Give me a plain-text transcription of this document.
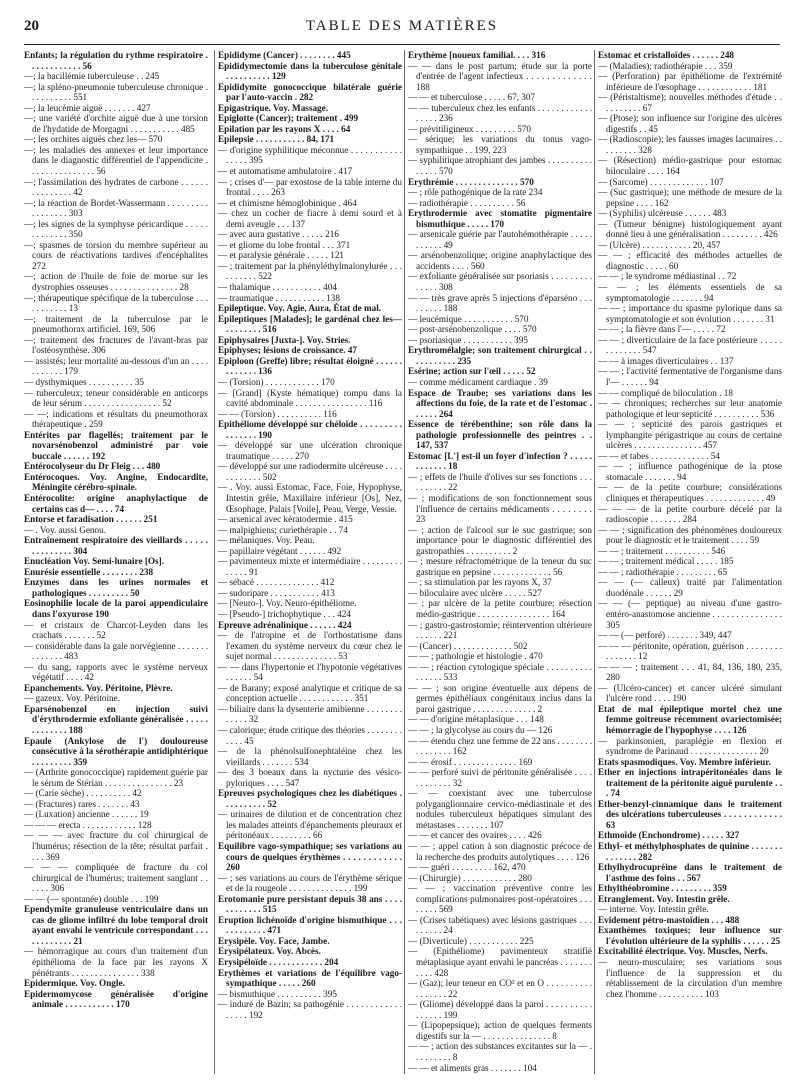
20	TABLE DES MATIÈRES

Enfants; la régulation du rythme respiratoire . . . . . . . . . . . . 56

—; la bacillémie tuberculeuse . . 245

—; la spléno-pneumonie tuberculeuse chronique . . . . . . . . . . 551

—; la leucémie aiguë . . . . . . . 427

—; une variété d'orchite aiguë due à une torsion de l'hydatide de Morgagni . . . . . . . . . . . 485

—; les orchites aiguës chez les— 570

—; les maladies des annexes et leur importance dans le diagnostic différentiel de l'appendicite . . . . . . . . . . . . . . . 56

—; l'assimilation des hydrates de carbone . . . . . . . . . . . . . . . 42

—; la réaction de Bordet-Wassermann . . . . . . . . . . . . . . . . . 303

—; les signes de la symphyse péricardique . . . . . . . . . . . . . 350

—; spasmes de torsion du membre supérieur au cours de réactivations tardives d'encéphalites 272

—; action de l'huile de foie de morue sur les dystrophies osseuses . . . . . . . . . . . . . . . 28

—; thérapeutique spécifique de la tuberculose . . . . . . . . . . . 13

—; traitement de la tuberculose par le pneumothorax artificiel. 169, 506

—; traitement des fractures de l'avant-bras par l'ostéosynthèse. 306

— assistés; leur mortalité au-dessous d'un an . . . . . . . . . . . 179

— dysthymiques . . . . . . . . . . 35

— tuberculeux; teneur considérable en anticorps de leur sérum . . . . . . . . . . . . . . . . . 52

— —; indications et résultats du pneumothorax thérapeutique . 259

Entérites par flagellés; traitement par le novarsénobenzol administré par voie buccale . . . . . . 192

Entérocolyseur du Dr Fleig . . . 480

Entérocoques. Voy. Angine, Endocardite, Méningite cérébro-spinale.

Entérocolite: origine anaphylactique de certains cas d— . . . . 74

Entorse et faradisation . . . . . . 251

— . Voy. aussi Genou.

Entraînement respiratoire des vieillards . . . . . . . . . . . . . . 304

Enucléation Voy. Semi-lunaire [Os].

Enurésie essentielle . . . . . . . . 238

Enzymes dans les urines normales et pathologiques . . . . . . . . . 50

Eosinophilie locale de la paroi appendiculaire dans l'oxyurose 190

— et cristaux de Charcot-Leyden dans les crachats . . . . . . . 52

— considérable dans la gale norvégienne . . . . . . . . . . . . . . 483

— du sang; rapports avec le système nerveux végétatif . . . . 42

Epanchements. Voy. Péritoine, Plèvre.

— gazeux. Voy. Péritoine.

Eparsénobenzol en injection suivi d'érythrodermie exfoliante généralisée . . . . . . . . . . . . . 188

Epaule (Ankylose de l') douloureuse consécutive à la sérothérapie antidiphtérique . . . . . . . . . 359

— (Arthrite gonococcique) rapidement guérie par le sérum de Stérian . . . . . . . . . . . . . . . 23

— (Carie sèche) . . . . . . . . . . 42

— (Fractures) rares . . . . . . . 43

— (Luxation) ancienne . . . . . . 19

— — — erecta . . . . . . . . . . . . 128

— — — avec fracture du col chirurgical de l'humérus; résection de la tête; résultat parfait . . . . 369

— — — compliquée de fracture du col chirurgical de l'humérus; traitement sanglant . . . . . . 306

— — (— spontanée) double . . . 199

Ependymite granuleuse ventriculaire dans un cas de gliome infiltré du lobe temporal droit ayant envahi le ventricule correspondant . . . . . . . . . . . . 21

— hémorragique au cours d'un traitement d'un épithélioma de la face par les rayons X pénétrants . . . . . . . . . . . . . . . 338

Epidermique. Voy. Ongle.

Epidermomycose généralisée d'origine animale . . . . . . . . . . . 170

Epididyme (Cancer) . . . . . . . . 445

Epididymectomie dans la tuberculose génitale . . . . . . . . . . 129

Epididymite gonococcique bilatérale guérie par l'auto-vaccin . 282

Epigastrique. Voy. Massage.

Epiglotte (Cancer); traitement . 499

Epilation par les rayons X . . . . 64

Epilepsie . . . . . . . . . . . 84, 171

— d'origine syphilitique méconnue . . . . . . . . . . . . . . . . 395

— et automatisme ambulatoire . 417

— ; crises d'— par exostose de la table interne du frontal . . . . 263

— et chimisme hémoglobinique . 464

— chez un cocher de fiacre à demi sourd et à demi aveugle . . . 137

— avec aura gustative . . . . . 216

— et gliome du lobe frontal . . . 371

— et paralysie générale . . . . . 121

— ; traitement par la phényléthylmalonylurée . . . . . . . . . . 522

— thalamique . . . . . . . . . . . 404

— traumatique . . . . . . . . . . . 138

Epileptique. Voy. Agie, Aura, État de mal.

Epileptiques [Malades]; le gardénal chez les— . . . . . . . . 516

Epiphysaires [Juxta-]. Voy. Stries.

Epiphyses; lésions de croissance. 47

Epiploon (Greffe) libre; résultat éloigné . . . . . . . . . . . . . 136

— (Torsion) . . . . . . . . . . . . 170

— [Grand] (Kyste hématique) rompu dans la cavité abdominale . . . . . . . . . . . . . . . . 116

— — (Torsion) . . . . . . . . . . 116

Epithéliome développé sur chéloïde . . . . . . . . . . . . . . . . 190

— développé sur une ulcération chronique traumatique . . . . . 270

— développé sur une radiodermite ulcéreuse . . . . . . . . . . . . 502

— . Voy. aussi Estomac, Face, Foie, Hypophyse, Intestin grêle, Maxillaire inférieur [Os], Nez, Œsophage, Palais [Voile], Peau, Verge, Vessie.

— arsenical avec kératodermie . 415

— malpighiens; curiethérapie . . 74

— mélaniques. Voy. Peau.

— papillaire végétant . . . . . . 492

— pavimenteux mixte et intermédiaire . . . . . . . . . . . . . . 91

— sébacé . . . . . . . . . . . . . . 412

— sudoripare . . . . . . . . . . . 413

— [Neuro-]. Voy. Neuro-épithéliome.

— [Pseudo-] trichophytique . . . 424

Epreuve adrénalinique . . . . . . 424

— de l'atropine et de l'orthostatisme dans l'examen du système nerveux du cœur chez le sujet normal . . . . . . . . . . . . . . 53

— — dans l'hypertonie et l'hypotonie végétatives . . . . . . 54

— de Barany; exposé analytique et critique de sa conception actuelle . . . . . . . . . . . . 351

— biliaire dans la dysenterie amibienne . . . . . . . . . . . . . 32

— calorique; étude critique des théories . . . . . . . . . . . . 45

— de la phénolsulfonephtaléine chez les vieillards . . . . . . . 534

— des 3 boeaux dans la nycturie des vésico-pyloriques . . . . 547

Epreuves psychologiques chez les diabétiques . . . . . . . . . . 52

— urinaires de dilution et de concentration chez les malades atteints d'épanchements pleuraux et péritonéaux . . . . . . . . . 66

Equilibre vago-sympathique; ses variations au cours de quelques érythèmes . . . . . . . . . . . . 260

— ; ses variations au cours de l'érythème sérique et de la rougeole . . . . . . . . . . . . . . 199

Erotomanie pure persistant depuis 38 ans . . . . . . . . . . . . 515

Eruption lichénoïde d'origine bismuthique . . . . . . . . . . . . 471

Erysipèle. Voy. Face, Jambe.

Erysipélateux. Voy. Abcès.

Erysipéloïde . . . . . . . . . . . . 204

Erythèmes et variations de l'équilibre vago-sympathique . . . . . 260

— bismuthique . . . . . . . . . . 395

— induré de Bazin; sa pathogénie . . . . . . . . . . . . . . . . . 192

Erythème [noueux familial. . . . 316

— — dans le post partum; étude sur la porte d'entrée de l'agent infectieux . . . . . . . . . . . . . 188

— — et tuberculose . . . . . 67, 307

— — tuberculeux chez les enfants . . . . . . . . . . . . . . . . . 236

— prévitiligineux . . . . . . . . . 570

— sérique; les variations du tonus vago-sympathique . . 199, 223

— syphilitique atrophiant des jambes . . . . . . . . . . . . . . . 570

Erythrémie . . . . . . . . . . . . . . 570

— ; rôle pathogénique de la rate 234

— radiothérapie . . . . . . . . . . 56

Erythrodermie avec stomatite pigmentaire bismuthique . . . . . 170

— arsenicale guérie par l'autohémothérapie . . . . . . . . . . . 49

— arsénobenzolique; origine anaphylactique des accidents . . . . 560

— exfoliante généralisée sur psoriasis . . . . . . . . . . . . . . 308

— — très grave après 5 injections d'éparséno . . . . . . . . . 188

— leucémique . . . . . . . . . . . 570

— post-arsénobenzolique . . . . 570

— psoriasique . . . . . . . . . . . 395

Erythromélalgie; son traitement chirurgical . . . . . . . . . . . 235

Esérine; action sur l'œil . . . . . 52

— comme médicament cardiaque . 39

Espace de Traube; ses variations dans les affections du foie, de la rate et de l'estomac . . . . . . 264

Essence de térébenthine; son rôle dans la pathologie professionnelle des peintres . . 147, 537

Estomac [L'] est-il un foyer d'infection ? . . . . . . . . . . . . 18

— ; effets de l'huile d'olives sur ses fonctions . . . . . . . . . . 22

— ; modifications de son fonctionnement sous l'influence de certains médicaments . . . . . . . . 23

— ; action de l'alcool sur le suc gastrique; son importance pour le diagnostic différentiel des gastropathies . . . . . . . . . . 2

— ; mesure réfractométrique de la teneur du suc gastrique en pepsine . . . . . . . . . . . . . 56

— ; sa stimulation par les rayons X, 37

— biloculaire avec ulcère . . . . . 527

— ; par ulcère de la petite courbure; résection médio-gastrique . . . . . . . . . . . . . . . . 164

— ; gastro-gastrostomie; réintervention ultérieure . . . . . . 221

— (Cancer) . . . . . . . . . . . . . 502

— — ; pathologie et histologie . 470

— — ; réaction cytologique spéciale . . . . . . . . . . . . . . . . 533

— — ; son origine éventuelle aux dépens de germes épithéliaux congénitaux inclus dans la paroi gastrique . . . . . . . . . . . . . . 2

— — d'origine métaplasique . . . 148

— — ; la glycolyse au cours du — 126

— — étendu chez une femme de 22 ans . . . . . . . . . . . . . . . . 162

— — érosif . . . . . . . . . . . . . . 169

— — perforé suivi de péritonite généralisée . . . . . . . . . . . . 32

— — coexistant avec une tuberculose polyganglionnaire cervico-médiastinale et des nodules tuberculeux hépatiques simulant des métastases . . . . . . . 107

— — et cancer des ovaires . . . . 426

— — ; appel cation à son diagnostic précoce de la recherche des produits autolytiques . . . . 126

— — guéri . . . . . . . . . 162, 470

— (Chirurgie) . . . . . . . . . . . . 280

— — ; vaccination préventive contre les complications pulmonaires post-opératoires . . . . . . . . 569

— (Crises tabétiques) avec lésions gastriques . . . . . . . . . 24

— (Diverticule) . . . . . . . . . . . 225

— (Epithéliome) pavimenteux stratifié métaplasique ayant envahi le pancréas . . . . . . . . . . . 428

— (Gaz); leur teneur en CO² et en O . . . . . . . . . . . . . . . . . 22

— (Gliome) développé dans la paroi . . . . . . . . . . . . . . . . 199

— (Lipopepsique); action de quelques ferments digestifs sur la — . . . . . . . . . . . . . . . 8

— — ; action des substances excitantes sur la — . . . . . . . . . 8

— — et aliments gras . . . . . . . 104

Estomac et cristalloïdes . . . . . . 248

— (Maladies); radiothérapie . . . 359

— (Perforation) par épithéliome de l'extrémité inférieure de l'œsophage . . . . . . . . . . . . 181

— (Péristaltisme); nouvelles méthodes d'étude . . . . . . . . . . 67

— (Ptose); son influence sur l'origine des ulcères digestifs . . 45

— (Radioscopie); les fausses images lacunaires . . . . . . . . . 328

— (Résection) médio-gastrique pour estomac biloculaire . . . . 164

— (Sarcome) . . . . . . . . . . . . . 107

— (Suc gastrique); une méthode de mesure de la pepsine . . . . 162

— (Syphilis) ulcéreuse . . . . . . 483

— (Tumeur bénigne) histologiquement ayant donné lieu à une généralisation . . . . . . . . . 426

— (Ulcère) . . . . . . . . . . . 20, 457

— — ; efficacité des méthodes actuelles de diagnostic . . . . . 60

— — ; le syndrome médiastinal . . 72

— — ; les éléments essentiels de sa symptomatologie . . . . . . . 94

— — ; importance du spasme pylorique dans sa symptomatologie et son évolution . . . . . . . 31

— — ; la fièvre dans l'— . . . . . 72

— — ; diverticulaire de la face postérieure . . . . . . . . . . . . . 547

— — à images diverticulaires . . 137

— — ; l'activité fermentative de l'organisme dans l'— . . . . . . 94

— — compliqué de biloculation . 18

— — chroniques; recherches sur leur anatomie pathologique et leur septicité . . . . . . . . . . 536

— — ; septicité des parois gastriques et lymphangite périgastrique au cours de certaine ulcères . . . . . . . . . . . . . . . 457

— — et tabes . . . . . . . . . . . . . 54

— — ; influence pathogénique de la ptose stomacale . . . . . . . 94

— — de la petite courbure; considérations cliniques et thérapeutiques . . . . . . . . . . . . . 49

— — — de la petite courbure décelé par la radioscopie . . . . . . . 284

— — ; signification des phénomènes douloureux pour le diagnostic et le traitement . . . . 59

— — ; traitement . . . . . . . . . . 546

— — ; traitement médical . . . . . 185

— — ; radiothérapie . . . . . . . . . 65

— — (— calleux) traité par l'alimentation duodénale . . . . . . 29

— — (— peptique) au niveau d'une gastro-entéro-anastomose ancienne . . . . . . . . . . . . . . . 305

— — (— perforé) . . . . . . . 349, 447

— — — péritonite, opération, guérison . . . . . . . . . . . . . . . 12

— — — ; traitement . . . 41, 84, 136, 180, 235, 280

— (Ulcéro-cancer) et cancer ulcéré simulant l'ulcère rond . . . . 190

Etat de mal épileptique mortel chez une femme goitreuse récemment ovariectomisée; hémorragie de l'hypophyse . . . . 126

— parkinsonien, paraplégie en flexion et syndrome de Parinaud . . . . . . . . . . . . . . . 20

Etats spasmodiques. Voy. Membre inférieur.

Ether en injections intrapéritonéales dans le traitement de la péritonite aiguë purulente . . . 74

Ether-benzyl-cinnamique dans le traitement des ulcérations tuberculeuses . . . . . . . . . . . . 63

Ethmoïde (Enchondrome) . . . . . 327

Ethyl- et méthylphosphates de quinine . . . . . . . . . . . . . . 282

Ethylhydrocupréine dans le traitement de l'asthme des foins . . 567

Ethylthéobromine . . . . . . . . . 359

Etranglement. Voy. Intestin grêle.

— interne. Voy. Intestin grêle.

Evidement pétro-mastoïdien . . . 488

Exanthèmes toxiques; leur influence sur l'évolution ultérieure de la syphilis . . . . . . 25

Excitabilité électrique. Voy. Muscles, Nerfs.

— neuro-musculaire; ses variations sous l'influence de la suppression et du rétablissement de la circulation d'un membre chez l'homme . . . . . . . . . . 103
